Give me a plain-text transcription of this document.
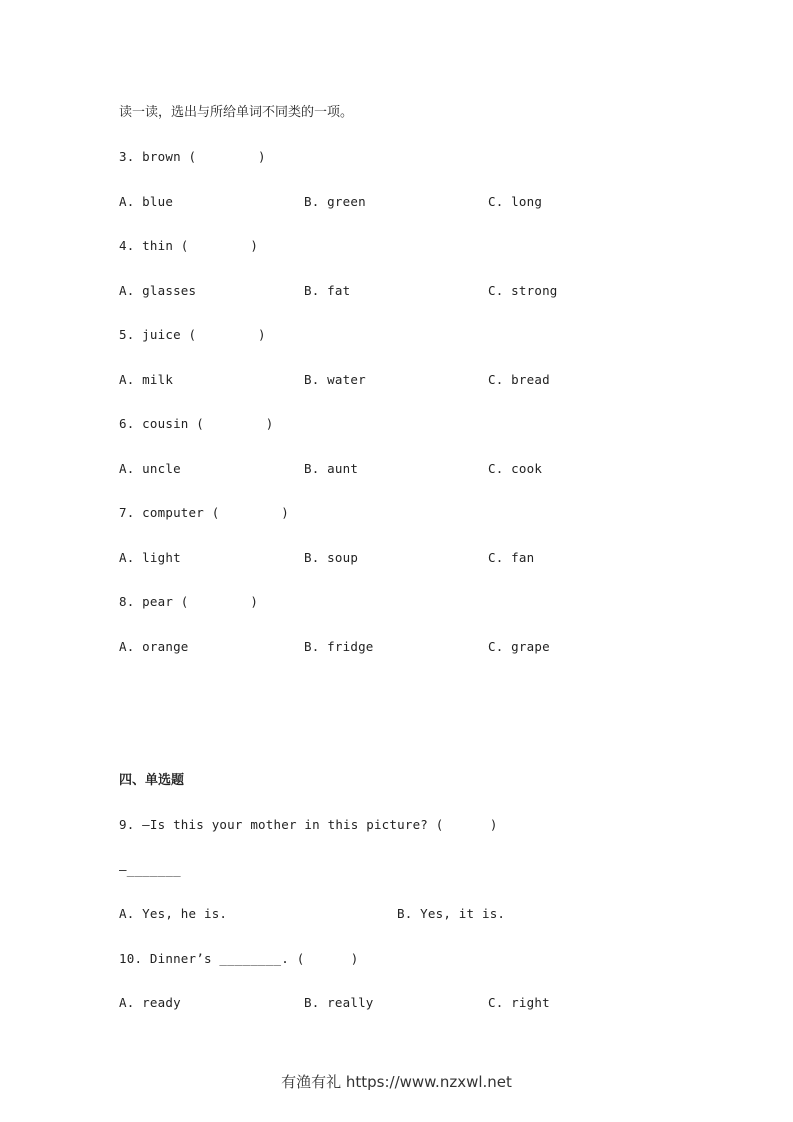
读一读，选出与所给单词不同类的一项。
3. brown (        )
A. blue	B. green	C. long
4. thin (        )
A. glasses	B. fat	C. strong
5. juice (        )
A. milk	B. water	C. bread
6. cousin (        )
A. uncle	B. aunt	C. cook
7. computer (        )
A. light	B. soup	C. fan
8. pear (        )
A. orange	B. fridge	C. grape
四、单选题
9. —Is this your mother in this picture? (      )
—_______
A. Yes, he is.	B. Yes, it is.
10. Dinner’s ________. (      )
A. ready	B. really	C. right
有渔有礼 https://www.nzxwl.net
